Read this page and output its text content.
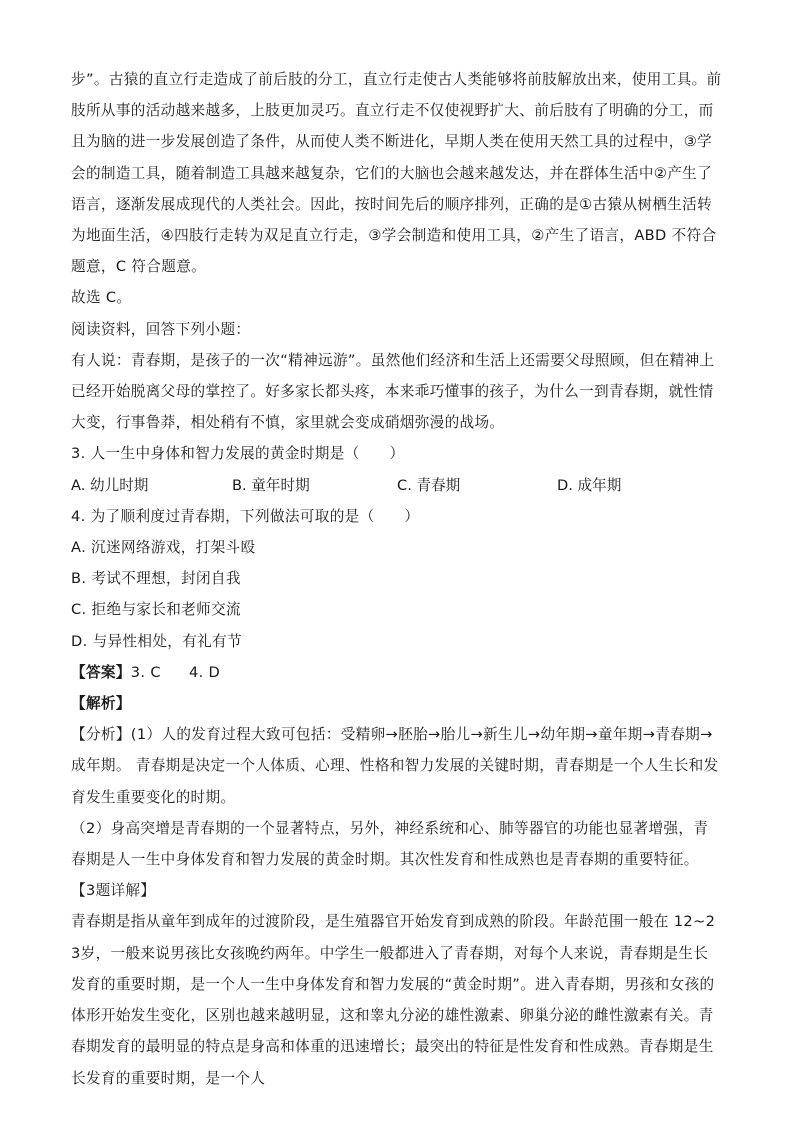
步”。古猿的直立行走造成了前后肢的分工，直立行走使古人类能够将前肢解放出来，使用工具。前肢所从事的活动越来越多，上肢更加灵巧。直立行走不仅使视野扩大、前后肢有了明确的分工，而且为脑的进一步发展创造了条件，从而使人类不断进化，早期人类在使用天然工具的过程中，③学会的制造工具，随着制造工具越来越复杂，它们的大脑也会越来越发达，并在群体生活中②产生了语言，逐渐发展成现代的人类社会。因此，按时间先后的顺序排列，正确的是①古猿从树栖生活转为地面生活，④四肢行走转为双足直立行走，③学会制造和使用工具，②产生了语言，ABD 不符合题意，C 符合题意。

故选 C。

阅读资料，回答下列小题：

有人说：青春期，是孩子的一次“精神远游”。虽然他们经济和生活上还需要父母照顾，但在精神上已经开始脱离父母的掌控了。好多家长都头疼，本来乖巧懂事的孩子，为什么一到青春期，就性情大变，行事鲁莽，相处稍有不慎，家里就会变成硝烟弥漫的战场。

3. 人一生中身体和智力发展的黄金时期是（　　）

A. 幼儿时期	B. 童年时期	C. 青春期	D. 成年期

4. 为了顺利度过青春期，下列做法可取的是（　　）

A. 沉迷网络游戏，打架斗殴

B. 考试不理想，封闭自我

C. 拒绝与家长和老师交流

D. 与异性相处，有礼有节

【答案】3. C 4. D

【解析】

【分析】(1）人的发育过程大致可包括：受精卵→胚胎→胎儿→新生儿→幼年期→童年期→青春期→成年期。 青春期是决定一个人体质、心理、性格和智力发展的关键时期，青春期是一个人生长和发育发生重要变化的时期。

（2）身高突增是青春期的一个显著特点，另外，神经系统和心、肺等器官的功能也显著增强，青春期是人一生中身体发育和智力发展的黄金时期。其次性发育和性成熟也是青春期的重要特征。

【3题详解】

青春期是指从童年到成年的过渡阶段，是生殖器官开始发育到成熟的阶段。年龄范围一般在 12~23岁，一般来说男孩比女孩晚约两年。中学生一般都进入了青春期，对每个人来说，青春期是生长发育的重要时期，是一个人一生中身体发育和智力发展的“黄金时期”。进入青春期，男孩和女孩的体形开始发生变化，区别也越来越明显，这和睾丸分泌的雄性激素、卵巢分泌的雌性激素有关。青春期发育的最明显的特点是身高和体重的迅速增长；最突出的特征是性发育和性成熟。青春期是生长发育的重要时期，是一个人
